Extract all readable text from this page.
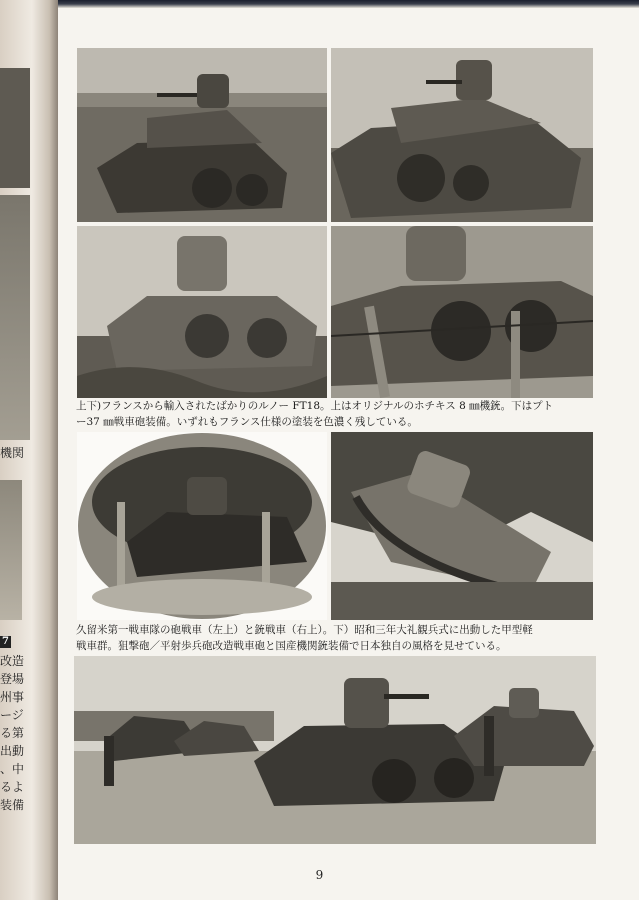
機関
7
改造
登場
州事
ージ
る第
出動
、中
るよ
装備
上下)フランスから輸入されたばかりのルノー FT18。上はオリジナルのホチキス 8 ㎜機銃。下はプト
ー37 ㎜戦車砲装備。いずれもフランス仕様の塗装を色濃く残している。
久留米第一戦車隊の砲戦車（左上）と銃戦車（右上）。下）昭和三年大礼観兵式に出動した甲型軽
戦車群。狙撃砲／平射歩兵砲改造戦車砲と国産機関銃装備で日本独自の風格を見せている。
9
